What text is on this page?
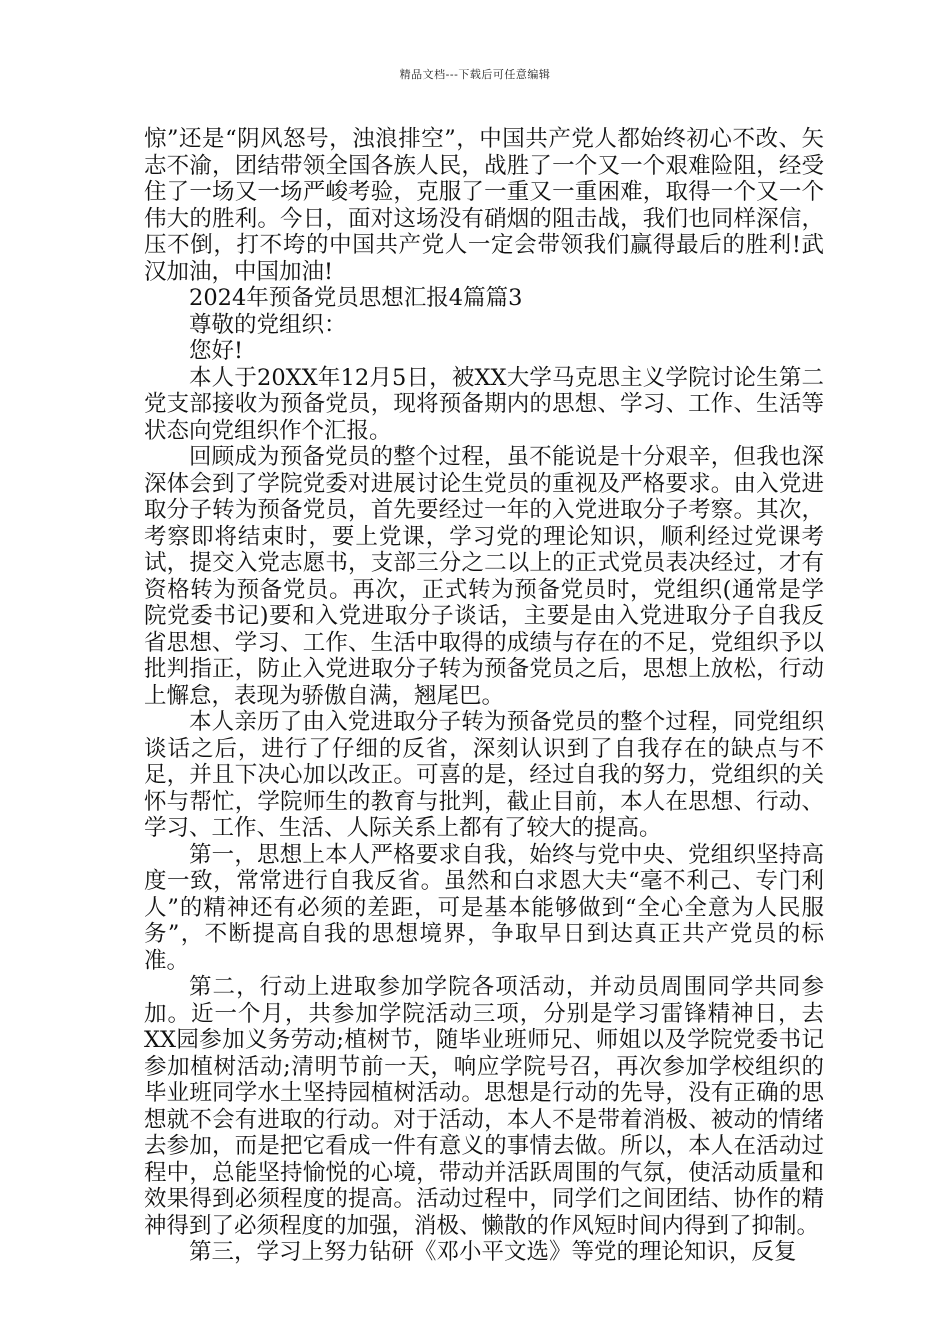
精品文档---下载后可任意编辑

惊”还是“阴风怒号，浊浪排空”，中国共产党人都始终初心不改、矢志不渝，团结带领全国各族人民，战胜了一个又一个艰难险阻，经受住了一场又一场严峻考验，克服了一重又一重困难，取得一个又一个伟大的胜利。今日，面对这场没有硝烟的阻击战，我们也同样深信，压不倒，打不垮的中国共产党人一定会带领我们赢得最后的胜利!武汉加油，中国加油!

2024年预备党员思想汇报4篇篇3

尊敬的党组织：

您好!

本人于20XX年12月5日，被XX大学马克思主义学院讨论生第二党支部接收为预备党员，现将预备期内的思想、学习、工作、生活等状态向党组织作个汇报。

回顾成为预备党员的整个过程，虽不能说是十分艰辛，但我也深深体会到了学院党委对进展讨论生党员的重视及严格要求。由入党进取分子转为预备党员，首先要经过一年的入党进取分子考察。其次，考察即将结束时，要上党课，学习党的理论知识，顺利经过党课考试，提交入党志愿书，支部三分之二以上的正式党员表决经过，才有资格转为预备党员。再次，正式转为预备党员时，党组织(通常是学院党委书记)要和入党进取分子谈话，主要是由入党进取分子自我反省思想、学习、工作、生活中取得的成绩与存在的不足，党组织予以批判指正，防止入党进取分子转为预备党员之后，思想上放松，行动上懈怠，表现为骄傲自满，翘尾巴。

本人亲历了由入党进取分子转为预备党员的整个过程，同党组织谈话之后，进行了仔细的反省，深刻认识到了自我存在的缺点与不足，并且下决心加以改正。可喜的是，经过自我的努力，党组织的关怀与帮忙，学院师生的教育与批判，截止目前，本人在思想、行动、学习、工作、生活、人际关系上都有了较大的提高。

第一，思想上本人严格要求自我，始终与党中央、党组织坚持高度一致，常常进行自我反省。虽然和白求恩大夫“毫不利己、专门利人”的精神还有必须的差距，可是基本能够做到“全心全意为人民服务”，不断提高自我的思想境界，争取早日到达真正共产党员的标准。

第二，行动上进取参加学院各项活动，并动员周围同学共同参加。近一个月，共参加学院活动三项，分别是学习雷锋精神日，去XX园参加义务劳动;植树节，随毕业班师兄、师姐以及学院党委书记参加植树活动;清明节前一天，响应学院号召，再次参加学校组织的毕业班同学水土坚持园植树活动。思想是行动的先导，没有正确的思想就不会有进取的行动。对于活动，本人不是带着消极、被动的情绪去参加，而是把它看成一件有意义的事情去做。所以，本人在活动过程中，总能坚持愉悦的心境，带动并活跃周围的气氛，使活动质量和效果得到必须程度的提高。活动过程中，同学们之间团结、协作的精神得到了必须程度的加强，消极、懒散的作风短时间内得到了抑制。

第三，学习上努力钻研《邓小平文选》等党的理论知识，反复
